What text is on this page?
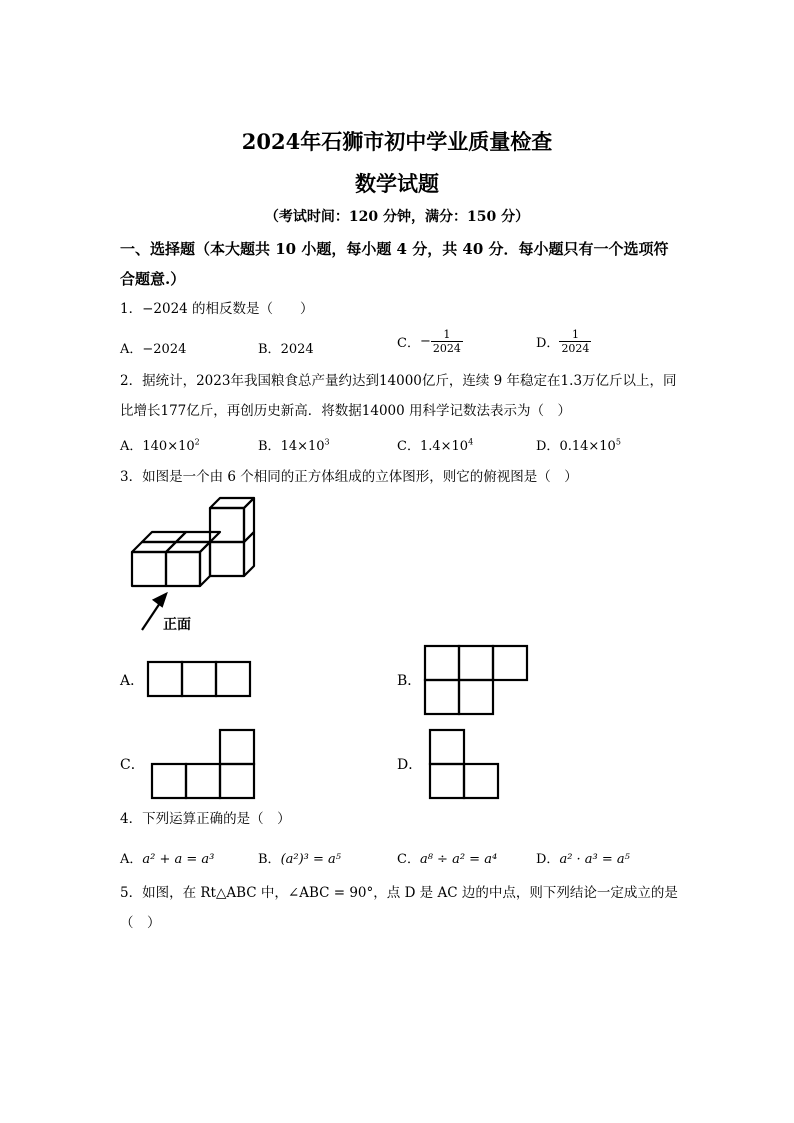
2024年石狮市初中学业质量检查
数学试题
（考试时间：120 分钟，满分：150 分）
一、选择题（本大题共 10 小题，每小题 4 分，共 40 分．每小题只有一个选项符
合题意.）
1．−2024 的相反数是（　　）
A．−2024	B．2024	C．− $\frac{1}{2024}$	D． $\frac{1}{2024}$
2．据统计，2023年我国粮食总产量约达到14000亿斤，连续 9 年稳定在1.3万亿斤以上，同
比增长177亿斤，再创历史新高．将数据14000 用科学记数法表示为（　）
A．$140\times 10^2$	B．$14\times 10^3$	C．$1.4\times 10^4$	D．$0.14\times 10^5$
3．如图是一个由 6 个相同的正方体组成的立体图形，则它的俯视图是（　）
正面
A．	B．
C．	D．
4．下列运算正确的是（　）
A．a² + a = a³	B．(a²)³ = a⁵	C．a⁸ ÷ a² = a⁴	D．a² · a³ = a⁵
5．如图，在 Rt△ABC 中，∠ABC = 90°，点 D 是 AC 边的中点，则下列结论一定成立的是
（　）
